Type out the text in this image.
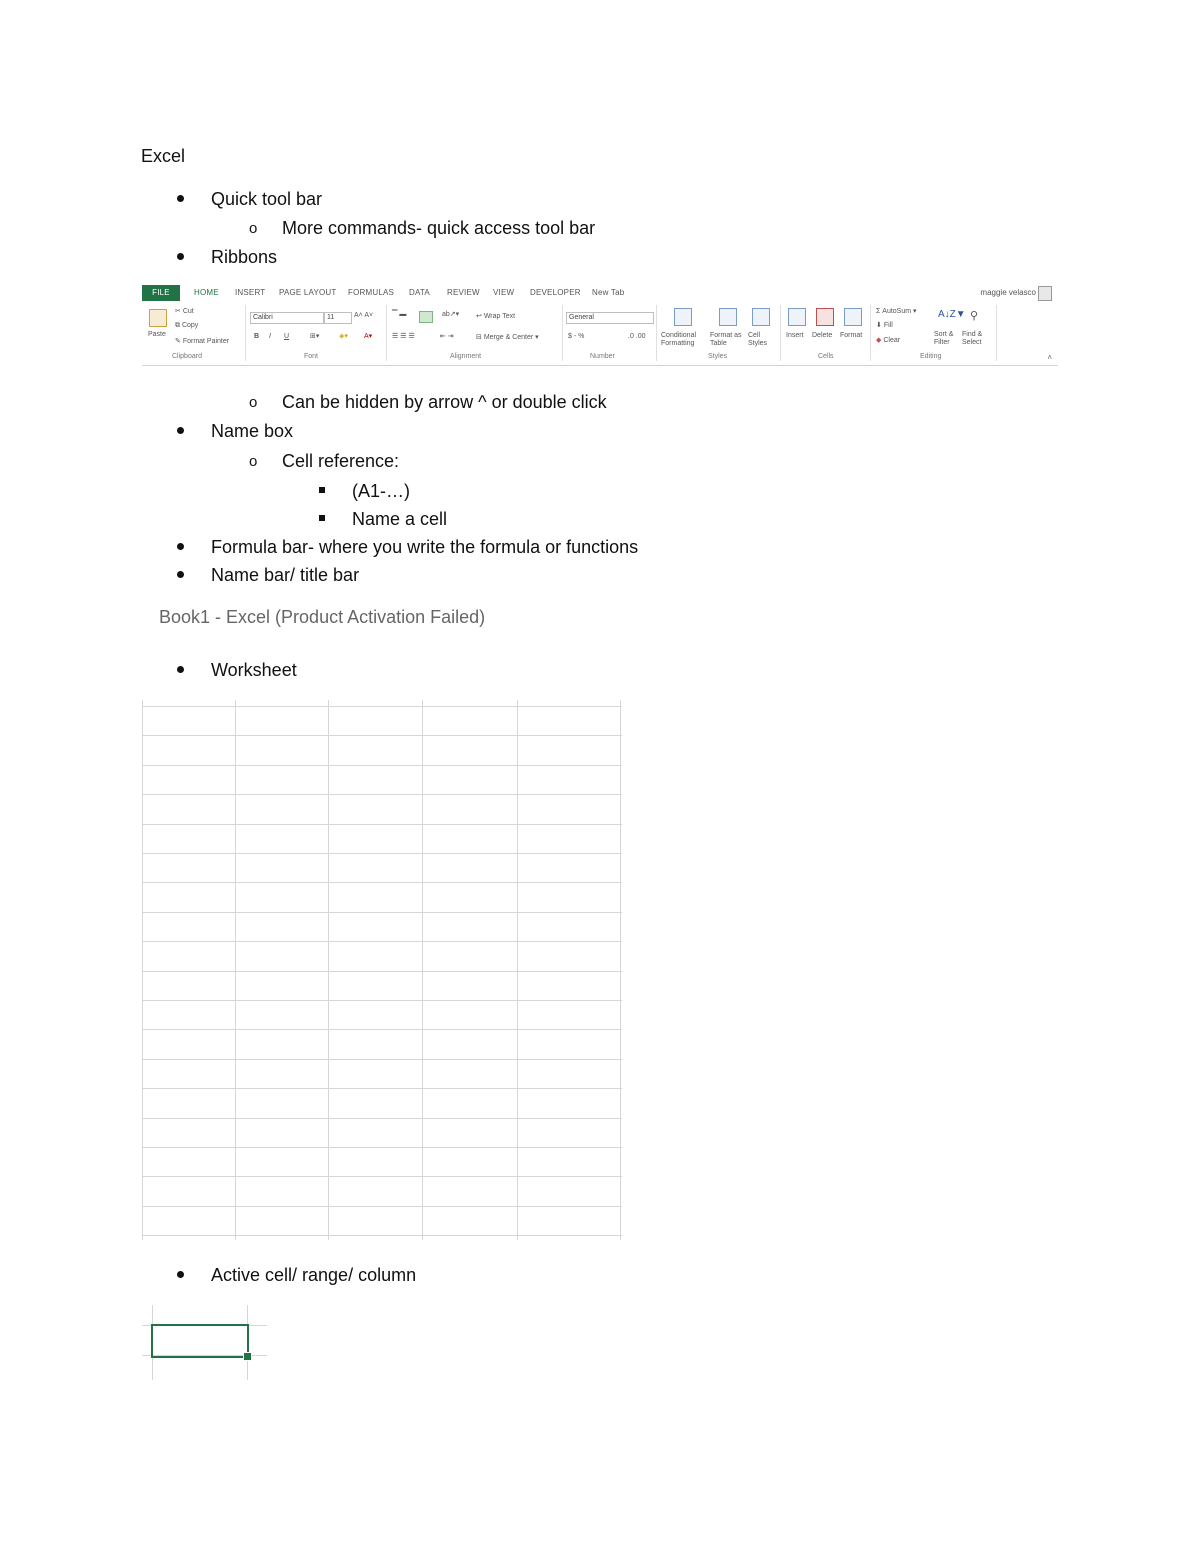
Excel
Quick tool bar
o More commands- quick access tool bar
Ribbons
FILE	HOME INSERT PAGE LAYOUT FORMULAS DATA REVIEW VIEW DEVELOPER New Tab	maggie velasco
Paste
✂ Cut
⧉ Copy
✎ Format Painter
Clipboard
Calibri	11	A˄ A˅
B I U	⊞▾	◈▾ A▾
Font
▔ ▬	ab↗▾
☰ ☰ ☰	⇤ ⇥
↩ Wrap Text
⊟ Merge & Center ▾
Alignment
General
$ - %	.0 .00
Number
Conditional Formatting
Format as Table
Cell Styles
Styles
Insert Delete Format
Cells
Σ AutoSum ▾
⬇ Fill
◆ Clear
A↓Z▼
Sort & Filter
⚲
Find & Select
Editing	˄
o Can be hidden by arrow ^ or double click
Name box
o Cell reference:
(A1-…)
Name a cell
Formula bar- where you write the formula or functions
Name bar/ title bar
Book1 - Excel (Product Activation Failed)
Worksheet
Active cell/ range/ column
